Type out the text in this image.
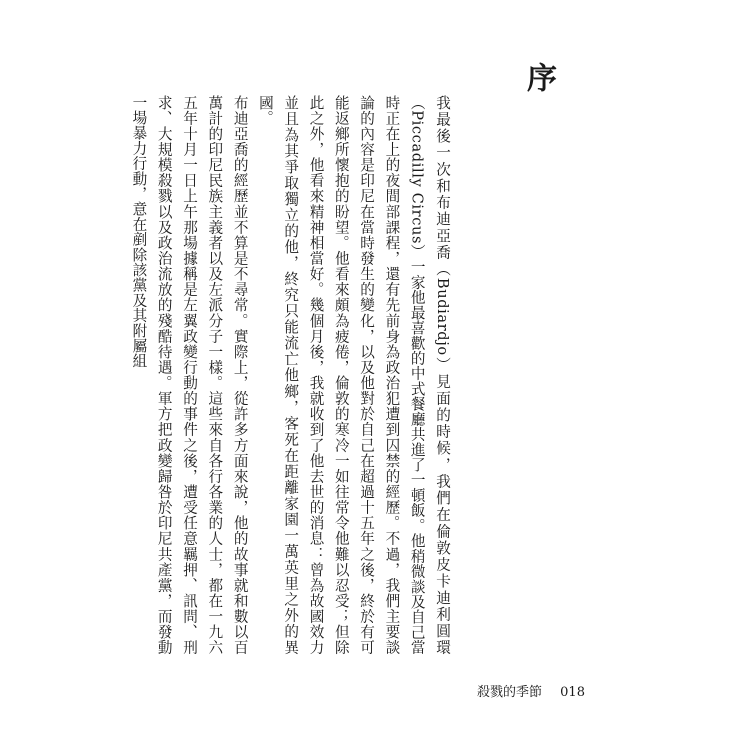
序

我最後一次和布迪亞喬（Budiardjo）見面的時候，我們在倫敦皮卡迪利圓環（Piccadilly Circus）一家他最喜歡的中式餐廳共進了一頓飯。他稍微談及自己當時正在上的夜間部課程，還有先前身為政治犯遭到囚禁的經歷。不過，我們主要談論的內容是印尼在當時發生的變化，以及他對於自己在超過十五年之後，終於有可能返鄉所懷抱的盼望。他看來頗為疲倦，倫敦的寒冷一如往常令他難以忍受；但除此之外，他看來精神相當好。幾個月後，我就收到了他去世的消息：曾為故國效力並且為其爭取獨立的他，終究只能流亡他鄉，客死在距離家園一萬英里之外的異國。

布迪亞喬的經歷並不算是不尋常。實際上，從許多方面來說，他的故事就和數以百萬計的印尼民族主義者以及左派分子一樣。這些來自各行各業的人士，都在一九六五年十月一日上午那場據稱是左翼政變行動的事件之後，遭受任意羈押、訊問、刑求、大規模殺戮以及政治流放的殘酷待遇。軍方把政變歸咎於印尼共產黨，而發動一場暴力行動，意在剷除該黨及其附屬組

殺戮的季節 018
